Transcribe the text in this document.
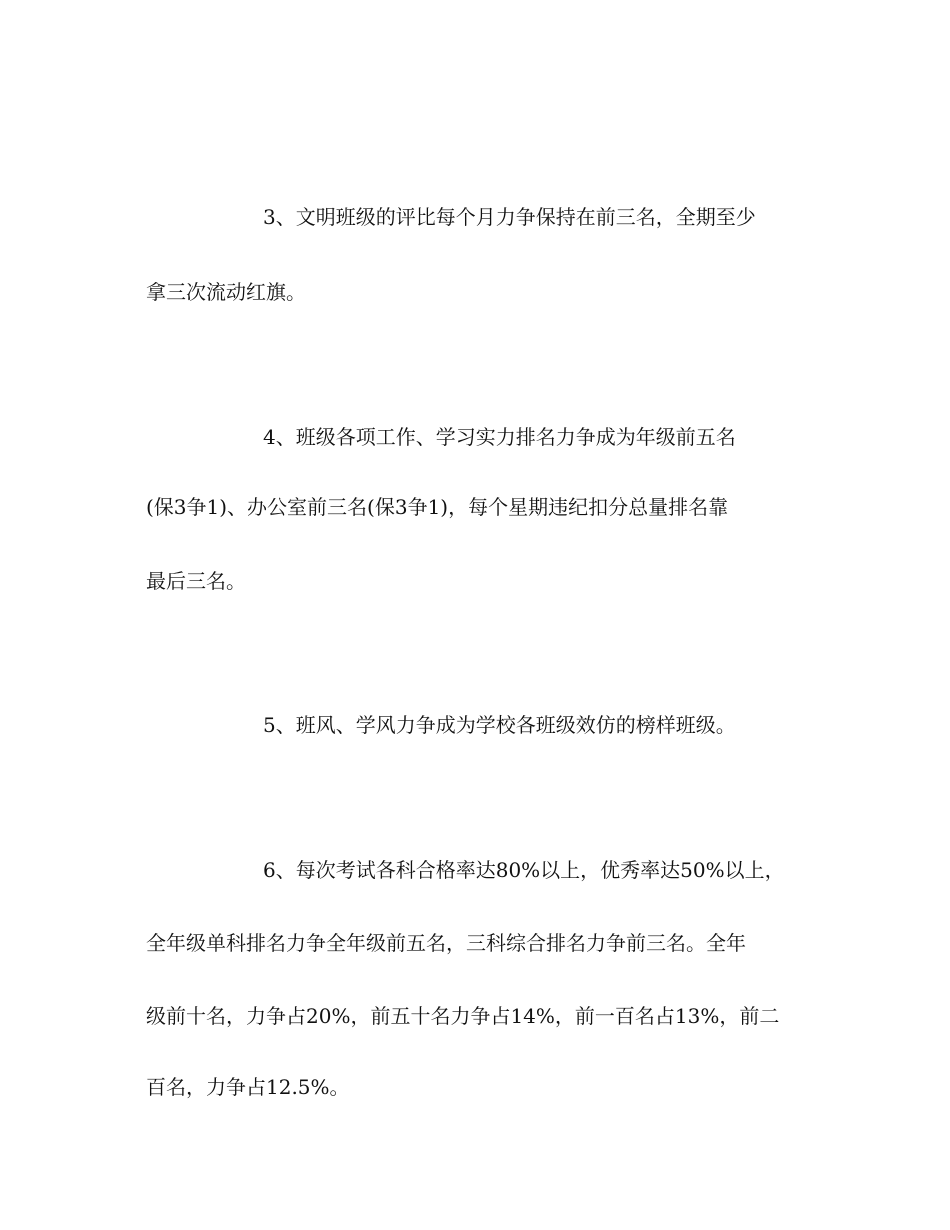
3、文明班级的评比每个月力争保持在前三名，全期至少
拿三次流动红旗。
4、班级各项工作、学习实力排名力争成为年级前五名
(保3争1)、办公室前三名(保3争1)，每个星期违纪扣分总量排名靠
最后三名。
5、班风、学风力争成为学校各班级效仿的榜样班级。
6、每次考试各科合格率达80%以上，优秀率达50%以上，
全年级单科排名力争全年级前五名，三科综合排名力争前三名。全年
级前十名，力争占20%，前五十名力争占14%，前一百名占13%，前二
百名，力争占12.5%。
